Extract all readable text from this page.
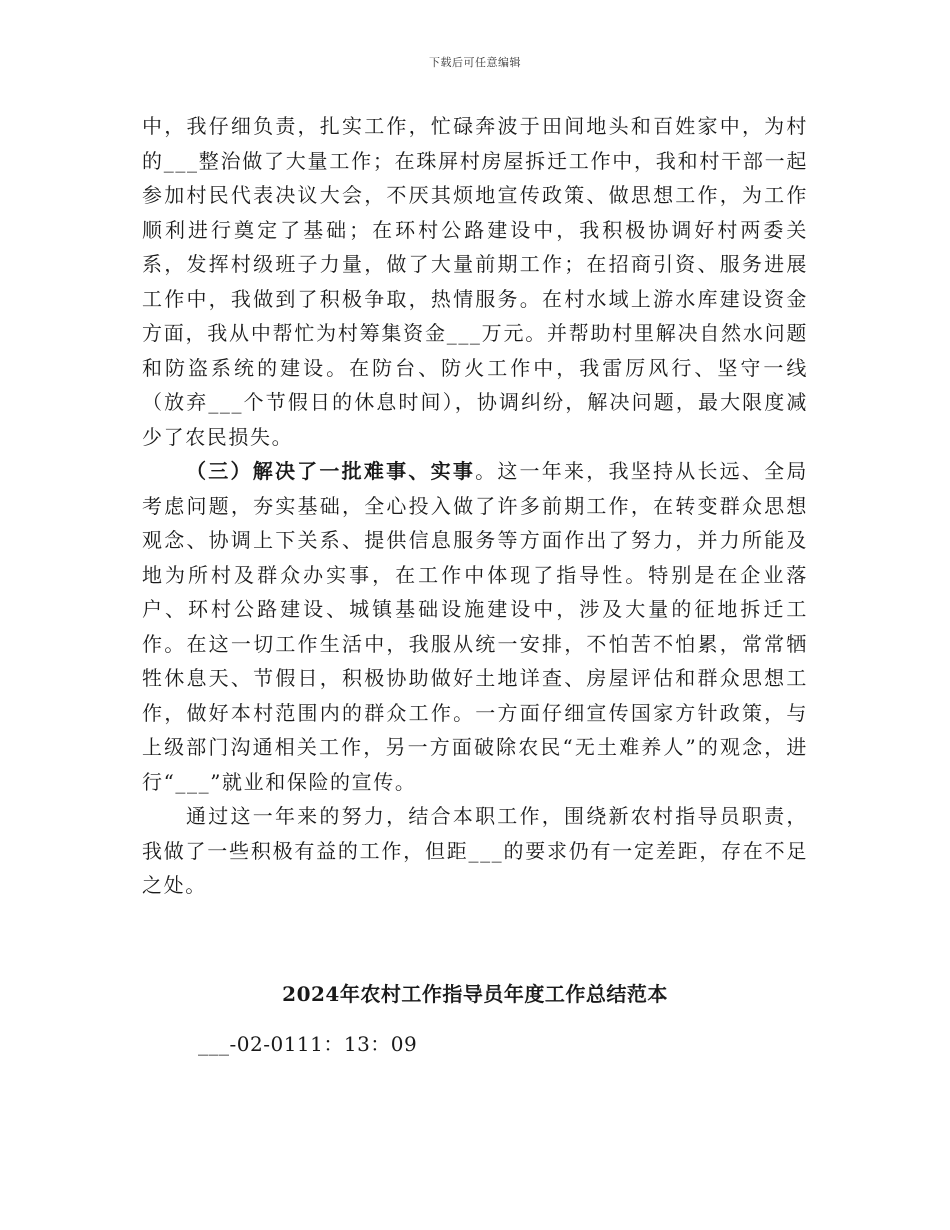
下载后可任意编辑

中，我仔细负责，扎实工作，忙碌奔波于田间地头和百姓家中，为村的___整治做了大量工作；在珠屏村房屋拆迁工作中，我和村干部一起参加村民代表决议大会，不厌其烦地宣传政策、做思想工作，为工作顺利进行奠定了基础；在环村公路建设中，我积极协调好村两委关系，发挥村级班子力量，做了大量前期工作；在招商引资、服务进展工作中，我做到了积极争取，热情服务。在村水域上游水库建设资金方面，我从中帮忙为村筹集资金___万元。并帮助村里解决自然水问题和防盗系统的建设。在防台、防火工作中，我雷厉风行、坚守一线（放弃___个节假日的休息时间），协调纠纷，解决问题，最大限度减少了农民损失。

（三）解决了一批难事、实事。这一年来，我坚持从长远、全局考虑问题，夯实基础，全心投入做了许多前期工作，在转变群众思想观念、协调上下关系、提供信息服务等方面作出了努力，并力所能及地为所村及群众办实事，在工作中体现了指导性。特别是在企业落户、环村公路建设、城镇基础设施建设中，涉及大量的征地拆迁工作。在这一切工作生活中，我服从统一安排，不怕苦不怕累，常常牺牲休息天、节假日，积极协助做好土地详查、房屋评估和群众思想工作，做好本村范围内的群众工作。一方面仔细宣传国家方针政策，与上级部门沟通相关工作，另一方面破除农民“无土难养人”的观念，进行“___”就业和保险的宣传。

通过这一年来的努力，结合本职工作，围绕新农村指导员职责，我做了一些积极有益的工作，但距___的要求仍有一定差距，存在不足之处。

2024年农村工作指导员年度工作总结范本
___-02-0111：13：09
